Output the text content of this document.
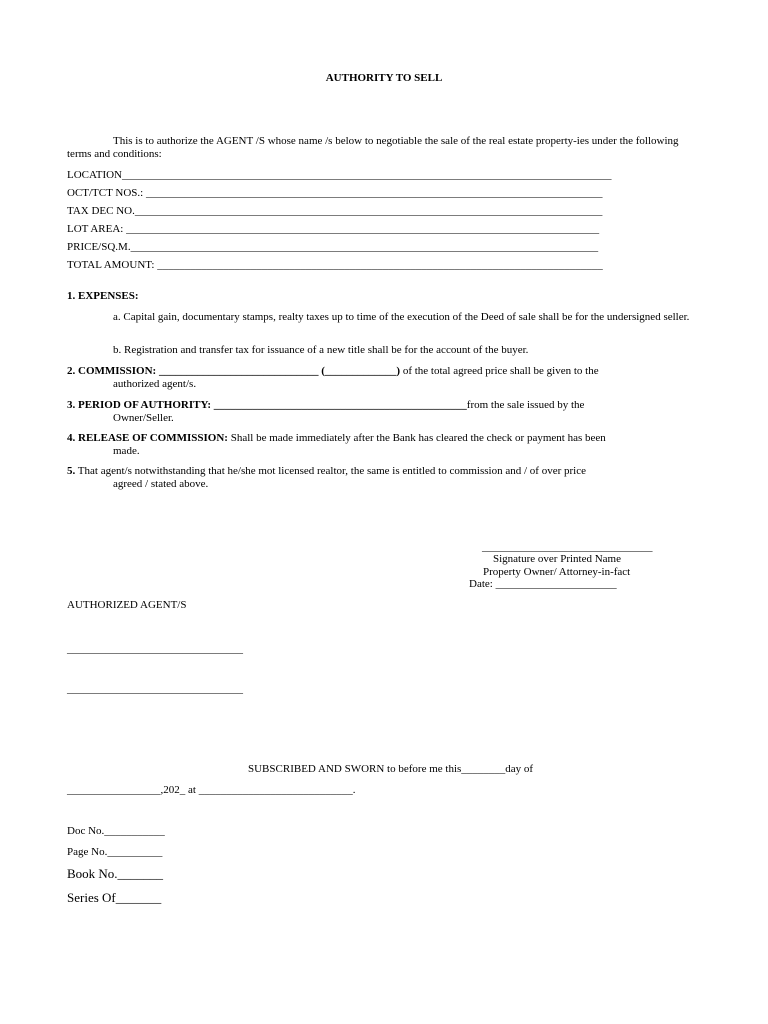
AUTHORITY TO SELL
This is to authorize the AGENT /S whose name /s below to negotiable the sale of the real estate property-ies under the following terms and conditions:
LOCATION_________________________________________________________________________________________
OCT/TCT NOS.: ___________________________________________________________________________________
TAX DEC NO._____________________________________________________________________________________
LOT AREA: ______________________________________________________________________________________
PRICE/SQ.M._____________________________________________________________________________________
TOTAL AMOUNT: _________________________________________________________________________________
1. EXPENSES:
a. Capital gain, documentary stamps, realty taxes up to time of the execution of the Deed of sale shall be for the undersigned seller.
b. Registration and transfer tax for issuance of a new title shall be for the account of the buyer.
2. COMMISSION: _____________________________ (_____________) of the total agreed price shall be given to the
authorized agent/s.
3. PERIOD OF AUTHORITY: ______________________________________________from the sale issued by the
Owner/Seller.
4. RELEASE OF COMMISSION: Shall be made immediately after the Bank has cleared the check or payment has been
made.
5. That agent/s notwithstanding that he/she mot licensed realtor, the same is entitled to commission and / of over price
agreed / stated above.
_______________________________
Signature over Printed Name
Property Owner/ Attorney-in-fact
Date: ______________________
AUTHORIZED AGENT/S
________________________________
________________________________
SUBSCRIBED AND SWORN to before me this________day of
_________________,202_ at ____________________________.
Doc No.___________
Page No.__________
Book No._______
Series Of_______
